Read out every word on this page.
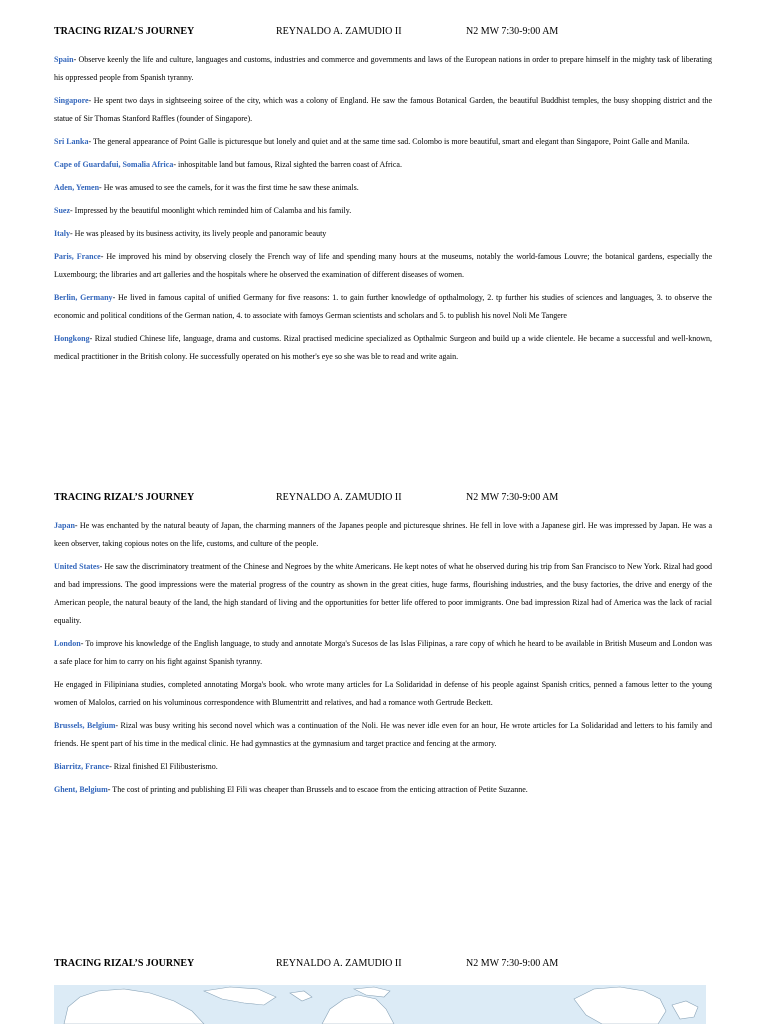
TRACING RIZAL’S JOURNEY	REYNALDO A. ZAMUDIO II	N2 MW 7:30-9:00 AM

Spain- Observe keenly the life and culture, languages and customs, industries and commerce and governments and laws of the European nations in order to prepare himself in the mighty task of liberating his oppressed people from Spanish tyranny.

Singapore- He spent two days in sightseeing soiree of the city, which was a colony of England. He saw the famous Botanical Garden, the beautiful Buddhist temples, the busy shopping district and the statue of Sir Thomas Stanford Raffles (founder of Singapore).

Sri Lanka- The general appearance of Point Galle is picturesque but lonely and quiet and at the same time sad. Colombo is more beautiful, smart and elegant than Singapore, Point Galle and Manila.

Cape of Guardafui, Somalia Africa- inhospitable land but famous, Rizal sighted the barren coast of Africa.

Aden, Yemen- He was amused to see the camels, for it was the first time he saw these animals.

Suez- Impressed by the beautiful moonlight which reminded him of Calamba and his family.

Italy- He was pleased by its business activity, its lively people and panoramic beauty

Paris, France- He improved his mind by observing closely the French way of life and spending many hours at the museums, notably the world-famous Louvre; the botanical gardens, especially the Luxembourg; the libraries and art galleries and the hospitals where he observed the examination of different diseases of women.

Berlin, Germany- He lived in famous capital of unified Germany for five reasons: 1. to gain further knowledge of opthalmology, 2. tp further his studies of sciences and languages, 3. to observe the economic and political conditions of the German nation, 4. to associate with famoys German scientists and scholars and 5. to publish his novel Noli Me Tangere

Hongkong- Rizal studied Chinese life, language, drama and customs. Rizal practised medicine specialized as Opthalmic Surgeon and build up a wide clientele. He became a successful and well-known, medical practitioner in the British colony. He successfully operated on his mother's eye so she was ble to read and write again.

TRACING RIZAL’S JOURNEY	REYNALDO A. ZAMUDIO II	N2 MW 7:30-9:00 AM

Japan- He was enchanted by the natural beauty of Japan, the charming manners of the Japanes people and picturesque shrines. He fell in love with a Japanese girl. He was impressed by Japan. He was a keen observer, taking copious notes on the life, customs, and culture of the people.

United States- He saw the discriminatory treatment of the Chinese and Negroes by the white Americans. He kept notes of what he observed during his trip from San Francisco to New York. Rizal had good and bad impressions. The good impressions were the material progress of the country as shown in the great cities, huge farms, flourishing industries, and the busy factories, the drive and energy of the American people, the natural beauty of the land, the high standard of living and the opportunities for better life offered to poor immigrants. One bad impression Rizal had of America was the lack of racial equality.

London- To improve his knowledge of the English language, to study and annotate Morga's Sucesos de las Islas Filipinas, a rare copy of which he heard to be available in British Museum and London was a safe place for him to carry on his fight against Spanish tyranny.

He engaged in Filipiniana studies, completed annotating Morga's book. who wrote many articles for La Solidaridad in defense of his people against Spanish critics, penned a famous letter to the young women of Malolos, carried on his voluminous correspondence with Blumentritt and relatives, and had a romance woth Gertrude Beckett.

Brussels, Belgium- Rizal was busy writing his second novel which was a continuation of the Noli. He was never idle even for an hour, He wrote articles for La Solidaridad and letters to his family and friends. He spent part of his time in the medical clinic. He had gymnastics at the gymnasium and target practice and fencing at the armory.

Biarritz, France- Rizal finished El Filibusterismo.

Ghent, Belgium- The cost of printing and publishing El Fili was cheaper than Brussels and to escaoe from the enticing attraction of Petite Suzanne.

TRACING RIZAL’S JOURNEY	REYNALDO A. ZAMUDIO II	N2 MW 7:30-9:00 AM
